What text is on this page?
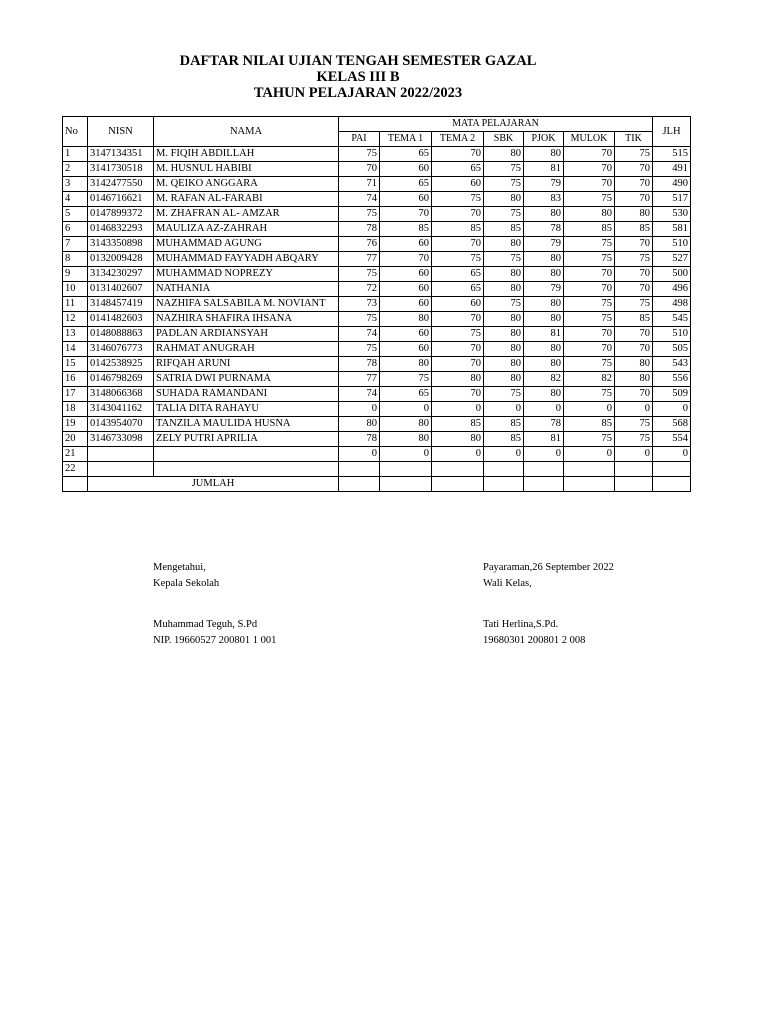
DAFTAR NILAI UJIAN TENGAH SEMESTER GAZAL
KELAS III B
TAHUN PELAJARAN 2022/2023
No	NISN	NAMA	MATA PELAJARAN							JLH
			PAI	TEMA 1	TEMA 2	SBK	PJOK	MULOK	TIK	
1	3147134351	M. FIQIH ABDILLAH	75	65	70	80	80	70	75	515
2	3141730518	M. HUSNUL HABIBI	70	60	65	75	81	70	70	491
3	3142477550	M. QEIKO ANGGARA	71	65	60	75	79	70	70	490
4	0146716621	M. RAFAN AL-FARABI	74	60	75	80	83	75	70	517
5	0147899372	M. ZHAFRAN AL- AMZAR	75	70	70	75	80	80	80	530
6	0146832293	MAULIZA AZ-ZAHRAH	78	85	85	85	78	85	85	581
7	3143350898	MUHAMMAD AGUNG	76	60	70	80	79	75	70	510
8	0132009428	MUHAMMAD FAYYADH ABQARY	77	70	75	75	80	75	75	527
9	3134230297	MUHAMMAD NOPREZY	75	60	65	80	80	70	70	500
10	0131402607	NATHANIA	72	60	65	80	79	70	70	496
11	3148457419	NAZHIFA SALSABILA M. NOVIANT	73	60	60	75	80	75	75	498
12	0141482603	NAZHIRA SHAFIRA IHSANA	75	80	70	80	80	75	85	545
13	0148088863	PADLAN ARDIANSYAH	74	60	75	80	81	70	70	510
14	3146076773	RAHMAT ANUGRAH	75	60	70	80	80	70	70	505
15	0142538925	RIFQAH ARUNI	78	80	70	80	80	75	80	543
16	0146798269	SATRIA DWI PURNAMA	77	75	80	80	82	82	80	556
17	3148066368	SUHADA RAMANDANI	74	65	70	75	80	75	70	509
18	3143041162	TALIA DITA RAHAYU	0	0	0	0	0	0	0	0
19	0143954070	TANZILA MAULIDA HUSNA	80	80	85	85	78	85	75	568
20	3146733098	ZELY PUTRI APRILIA	78	80	80	85	81	75	75	554
21			0	0	0	0	0	0	0	0
22										
	JUMLAH									
Mengetahui,
Kepala Sekolah
Muhammad Teguh, S.Pd
NIP. 19660527 200801 1 001
Payaraman,26 September 2022
Wali Kelas,
Tati Herlina,S.Pd.
19680301 200801 2 008
